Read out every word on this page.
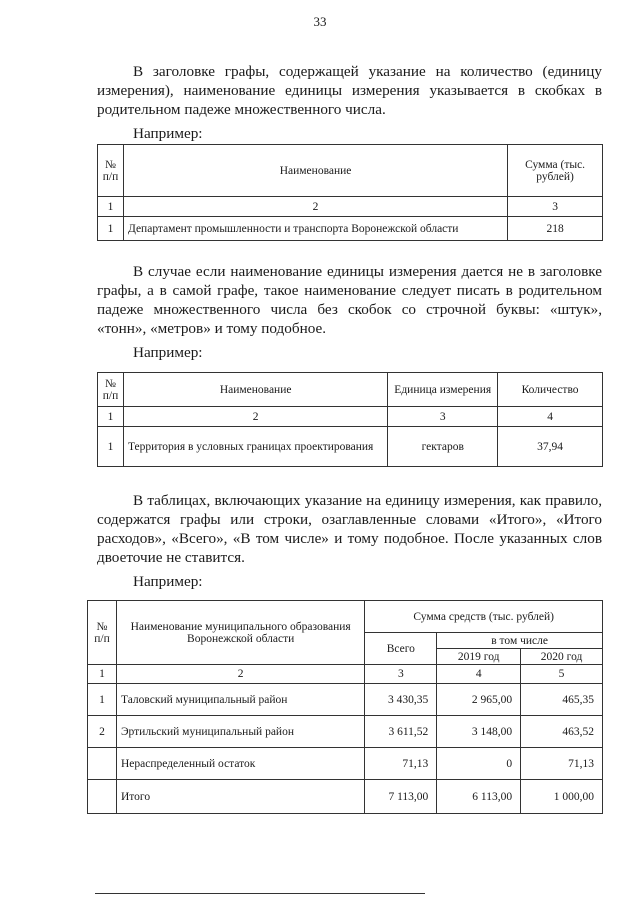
33

В заголовке графы, содержащей указание на количество (единицу измерения), наименование единицы измерения указывается в скобках в родительном падеже множественного числа.

Например:
№ п/п	Наименование	Сумма (тыс. рублей)
1	2	3
1	Департамент промышленности и транспорта Воронежской области	218

В случае если наименование единицы измерения дается не в заголовке графы, а в самой графе, такое наименование следует писать в родительном падеже множественного числа без скобок со строчной буквы: «штук», «тонн», «метров» и тому подобное.

Например:
№ п/п	Наименование	Единица измерения	Количество
1	2	3	4
1	Территория в условных границах проектирования	гектаров	37,94

В таблицах, включающих указание на единицу измерения, как правило, содержатся графы или строки, озаглавленные словами «Итого», «Итого расходов», «Всего», «В том числе» и тому подобное. После указанных слов двоеточие не ставится.

Например:
№ п/п	Наименование муниципального образования Воронежской области	Сумма средств (тыс. рублей)		
		Всего	в том числе	
			2019 год	2020 год
1	2	3	4	5
1	Таловский муниципальный район	3 430,35	2 965,00	465,35
2	Эртильский муниципальный район	3 611,52	3 148,00	463,52
	Нераспределенный остаток	71,13	0	71,13
	Итого	7 113,00	6 113,00	1 000,00
